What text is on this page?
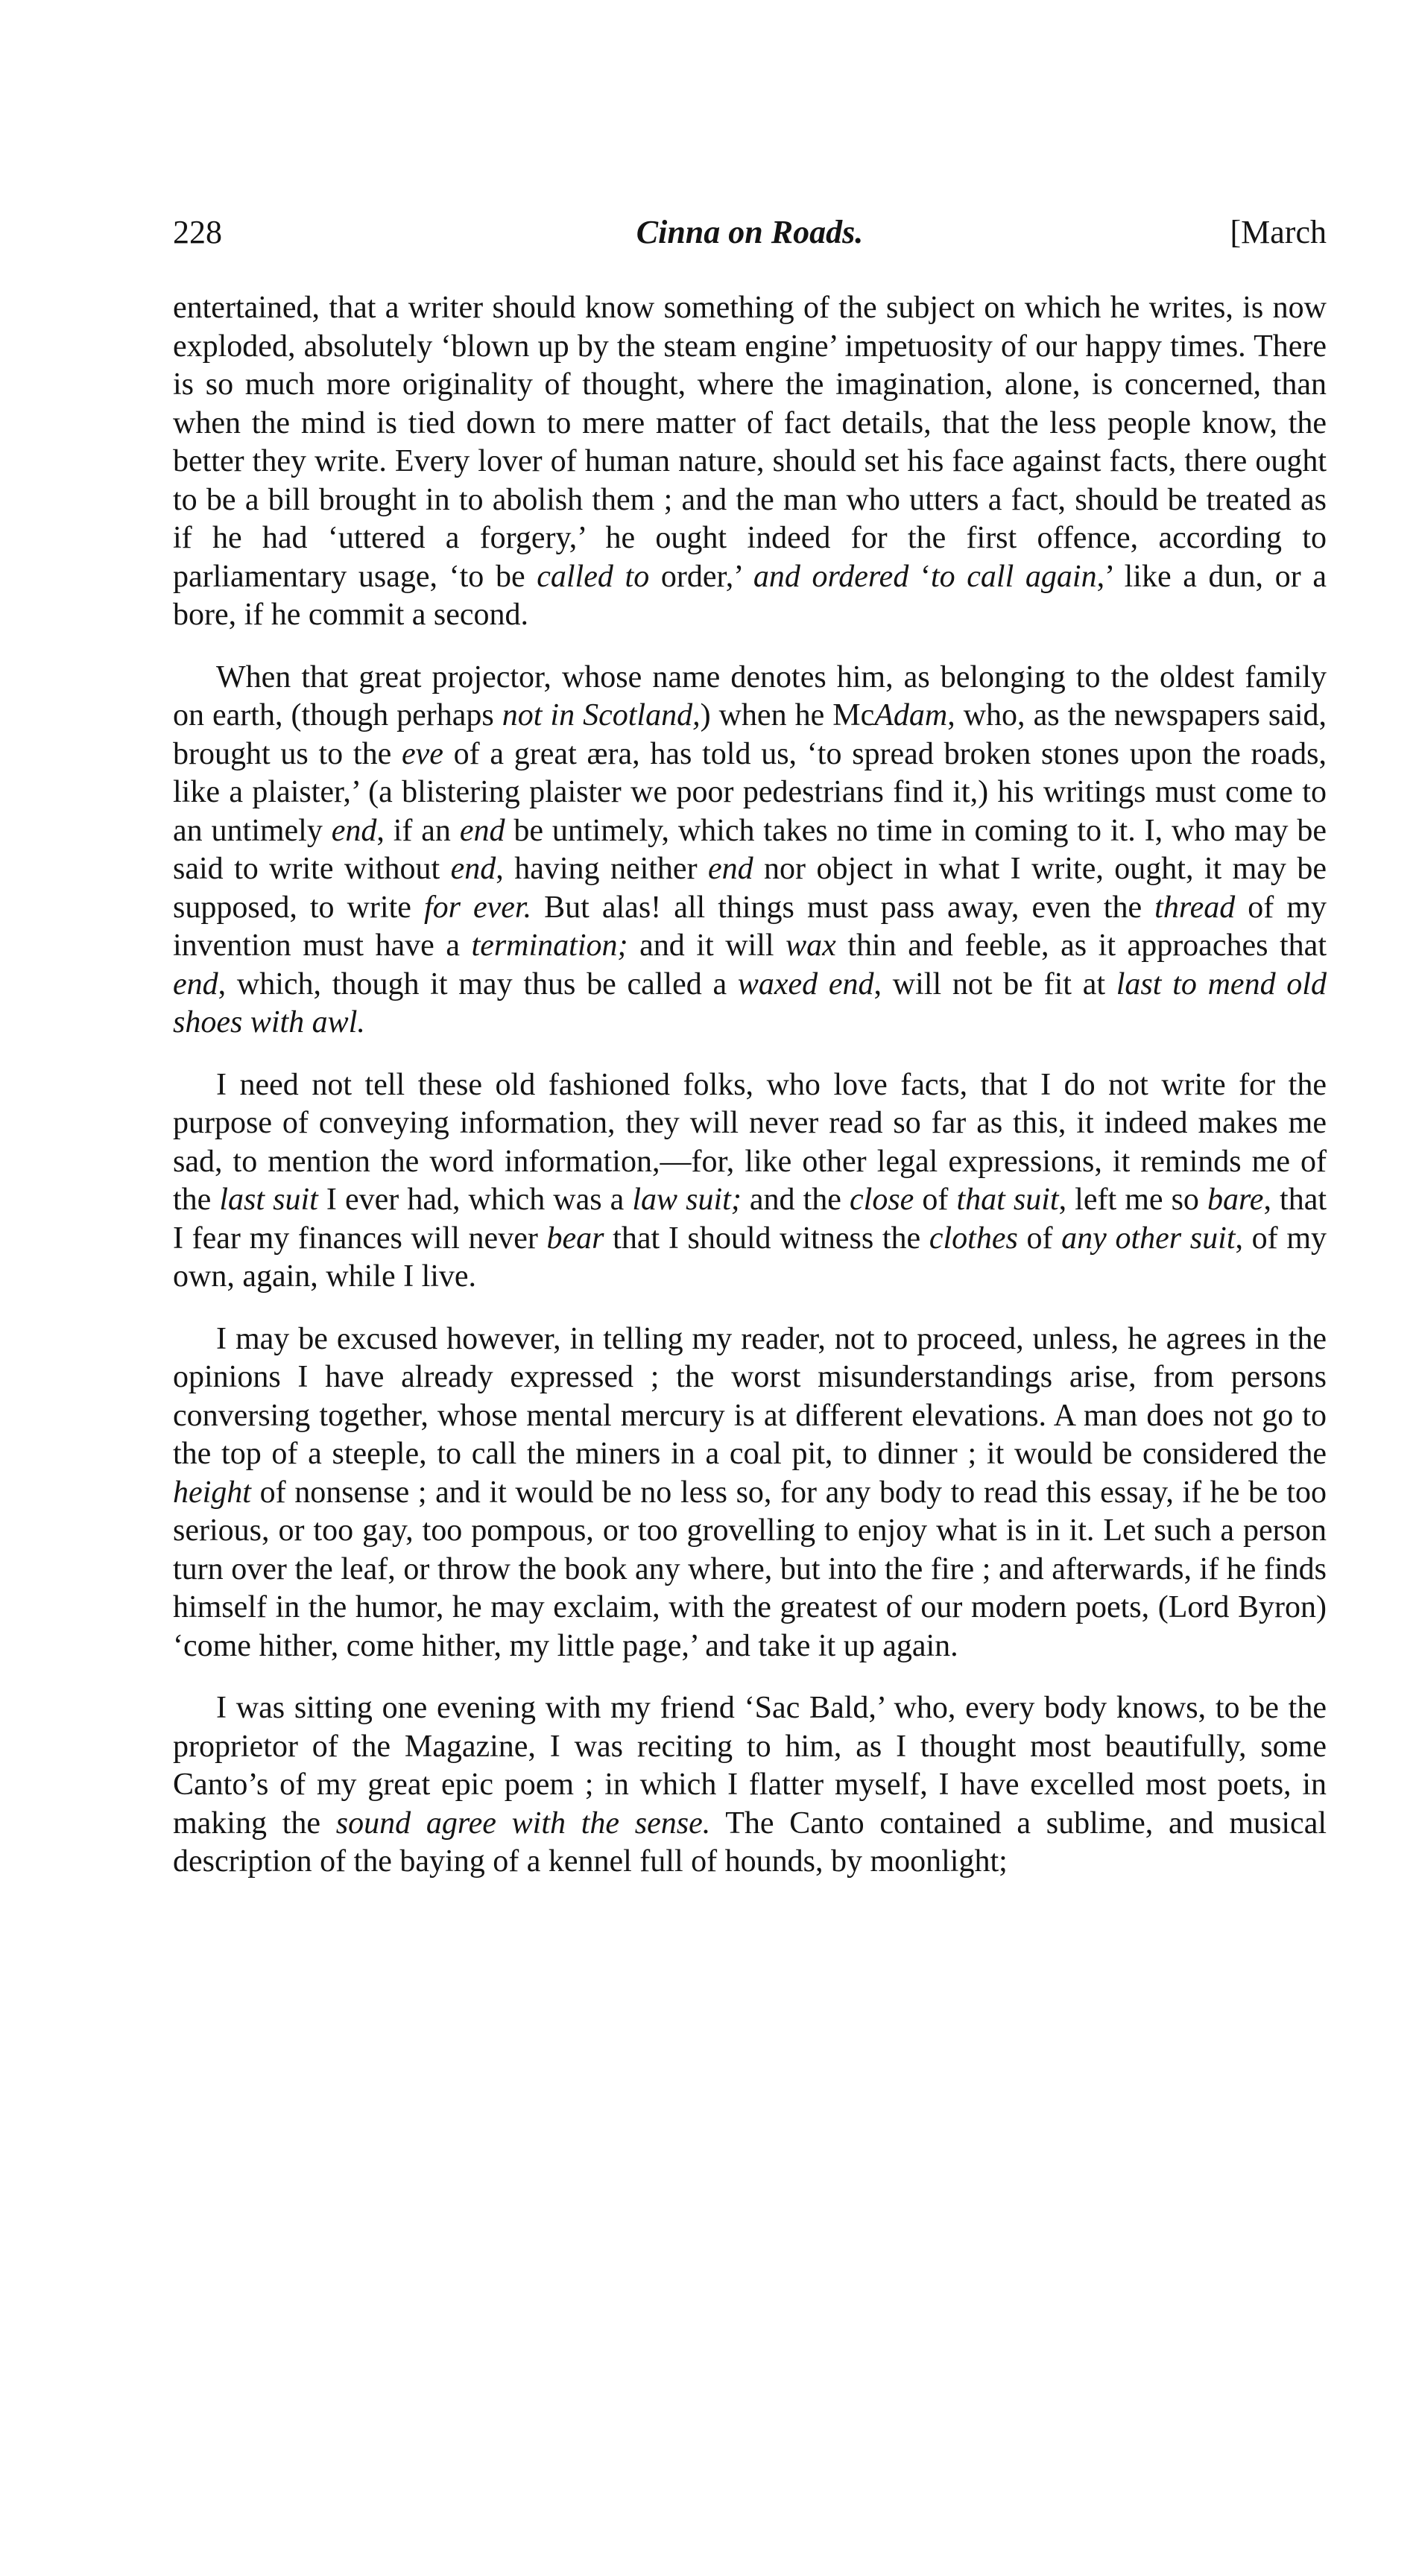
228	Cinna on Roads.	[March

entertained, that a writer should know something of the subject on which he writes, is now exploded, absolutely ‘blown up by the steam engine’ impetuosity of our happy times. There is so much more originality of thought, where the imagination, alone, is concerned, than when the mind is tied down to mere matter of fact details, that the less people know, the better they write. Every lover of human nature, should set his face against facts, there ought to be a bill brought in to abolish them ; and the man who utters a fact, should be treated as if he had ‘uttered a forgery,’ he ought indeed for the first offence, according to parliamentary usage, ‘to be called to order,’ and ordered ‘to call again,’ like a dun, or a bore, if he commit a second.

When that great projector, whose name denotes him, as belonging to the oldest family on earth, (though perhaps not in Scotland,) when he McAdam, who, as the newspapers said, brought us to the eve of a great æra, has told us, ‘to spread broken stones upon the roads, like a plaister,’ (a blistering plaister we poor pedestrians find it,) his writings must come to an untimely end, if an end be untimely, which takes no time in coming to it. I, who may be said to write without end, having neither end nor object in what I write, ought, it may be supposed, to write for ever. But alas! all things must pass away, even the thread of my invention must have a termination; and it will wax thin and feeble, as it approaches that end, which, though it may thus be called a waxed end, will not be fit at last to mend old shoes with awl.

I need not tell these old fashioned folks, who love facts, that I do not write for the purpose of conveying information, they will never read so far as this, it indeed makes me sad, to mention the word information,—for, like other legal expressions, it reminds me of the last suit I ever had, which was a law suit; and the close of that suit, left me so bare, that I fear my finances will never bear that I should witness the clothes of any other suit, of my own, again, while I live.

I may be excused however, in telling my reader, not to proceed, unless, he agrees in the opinions I have already expressed ; the worst misunderstandings arise, from persons conversing together, whose mental mercury is at different elevations. A man does not go to the top of a steeple, to call the miners in a coal pit, to dinner ; it would be considered the height of nonsense ; and it would be no less so, for any body to read this essay, if he be too serious, or too gay, too pompous, or too grovelling to enjoy what is in it. Let such a person turn over the leaf, or throw the book any where, but into the fire ; and afterwards, if he finds himself in the humor, he may exclaim, with the greatest of our modern poets, (Lord Byron) ‘come hither, come hither, my little page,’ and take it up again.

I was sitting one evening with my friend ‘Sac Bald,’ who, every body knows, to be the proprietor of the Magazine, I was reciting to him, as I thought most beautifully, some Canto’s of my great epic poem ; in which I flatter myself, I have excelled most poets, in making the sound agree with the sense. The Canto contained a sublime, and musical description of the baying of a kennel full of hounds, by moonlight;
